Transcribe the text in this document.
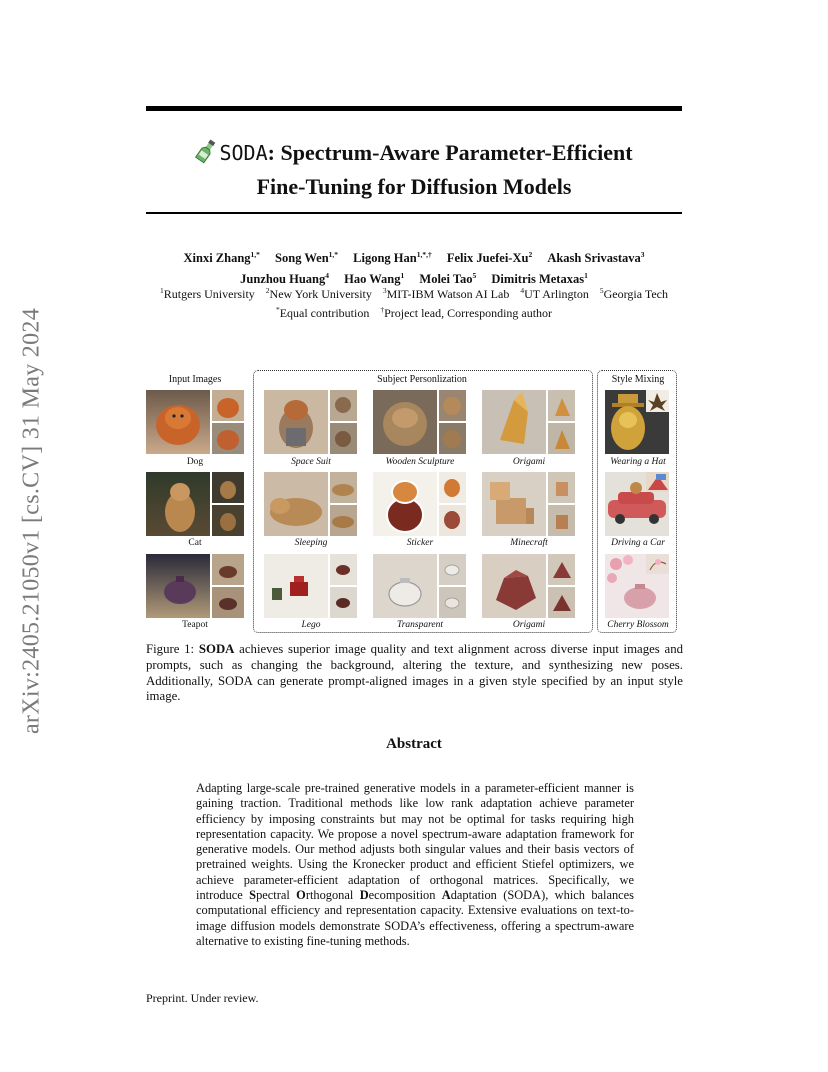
arXiv:2405.21050v1 [cs.CV] 31 May 2024
SODA: Spectrum-Aware Parameter-Efficient
Fine-Tuning for Diffusion Models
Xinxi Zhang$^{1,*}$ Song Wen$^{1,*}$ Ligong Han$^{1,*,\dagger}$ Felix Juefei-Xu$^2$ Akash Srivastava$^3$
Junzhou Huang$^4$ Hao Wang$^1$ Molei Tao$^5$ Dimitris Metaxas$^1$
$^1$Rutgers University $^2$New York University $^3$MIT-IBM Watson AI Lab $^4$UT Arlington $^5$Georgia Tech
*Equal contribution †Project lead, Corresponding author
Input Images	Subject Personlization	Style Mixing
Dog	Space Suit	Wooden Sculpture	Origami	Wearing a Hat
Cat	Sleeping	Sticker	Minecraft	Driving a Car
Teapot	Lego	Transparent	Origami	Cherry Blossom
Figure 1: SODA achieves superior image quality and text alignment across diverse input images and prompts, such as changing the background, altering the texture, and synthesizing new poses. Additionally, SODA can generate prompt-aligned images in a given style specified by an input style image.
Abstract
Adapting large-scale pre-trained generative models in a parameter-efficient manner is gaining traction. Traditional methods like low rank adaptation achieve parameter efficiency by imposing constraints but may not be optimal for tasks requiring high representation capacity. We propose a novel spectrum-aware adaptation framework for generative models. Our method adjusts both singular values and their basis vectors of pretrained weights. Using the Kronecker product and efficient Stiefel optimizers, we achieve parameter-efficient adaptation of orthogonal matrices. Specifically, we introduce Spectral Orthogonal Decomposition Adaptation (SODA), which balances computational efficiency and representation capacity. Extensive evaluations on text-to-image diffusion models demonstrate SODA’s effectiveness, offering a spectrum-aware alternative to existing fine-tuning methods.
Preprint. Under review.
